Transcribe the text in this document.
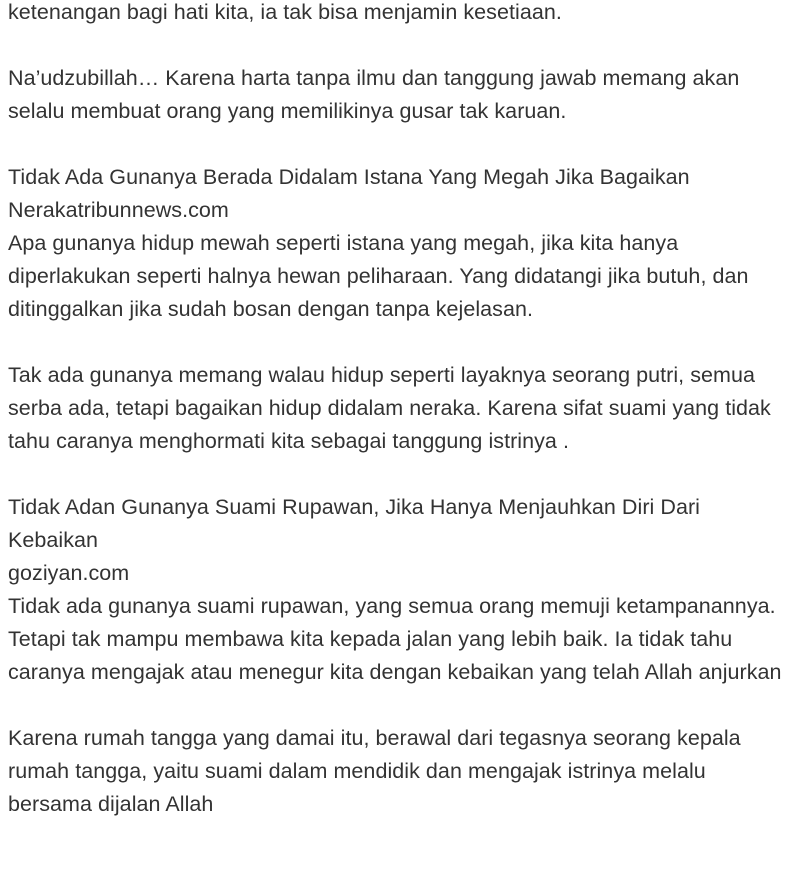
ketenangan bagi hati kita, ia tak bisa menjamin kesetiaan.

Na’udzubillah… Karena harta tanpa ilmu dan tanggung jawab memang akan selalu membuat orang yang memilikinya gusar tak karuan.

Tidak Ada Gunanya Berada Didalam Istana Yang Megah Jika Bagaikan Nerakatribunnews.com

Apa gunanya hidup mewah seperti istana yang megah, jika kita hanya diperlakukan seperti halnya hewan peliharaan. Yang didatangi jika butuh, dan ditinggalkan jika sudah bosan dengan tanpa kejelasan.

Tak ada gunanya memang walau hidup seperti layaknya seorang putri, semua serba ada, tetapi bagaikan hidup didalam neraka. Karena sifat suami yang tidak tahu caranya menghormati kita sebagai tanggung istrinya .

Tidak Adan Gunanya Suami Rupawan, Jika Hanya Menjauhkan Diri Dari Kebaikan

goziyan.com

Tidak ada gunanya suami rupawan, yang semua orang memuji ketampanannya. Tetapi tak mampu membawa kita kepada jalan yang lebih baik. Ia tidak tahu caranya mengajak atau menegur kita dengan kebaikan yang telah Allah anjurkan

Karena rumah tangga yang damai itu, berawal dari tegasnya seorang kepala rumah tangga, yaitu suami dalam mendidik dan mengajak istrinya melalu bersama dijalan Allah
